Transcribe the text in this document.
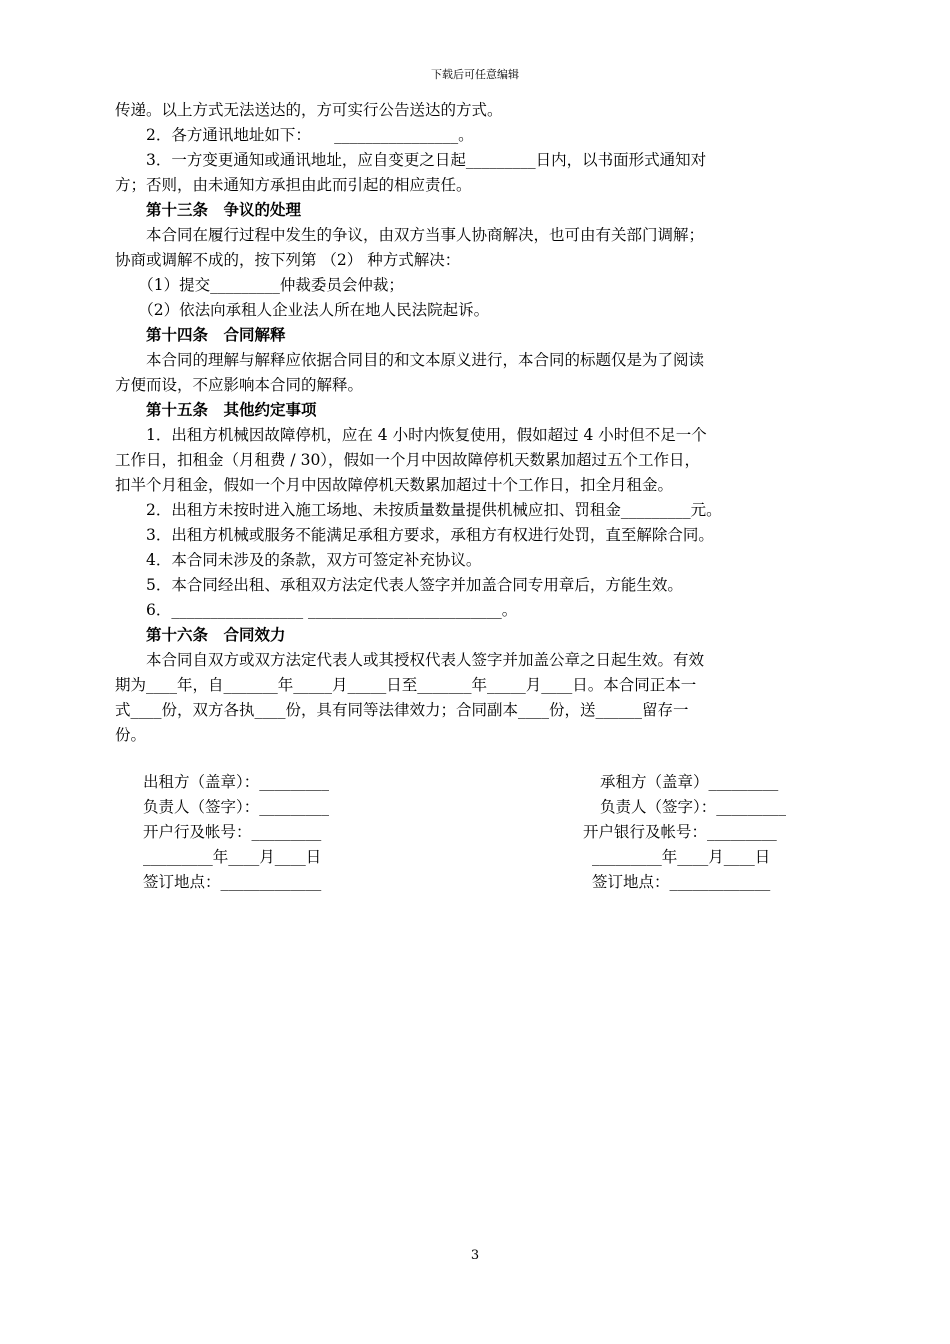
下载后可任意编辑
传递。以上方式无法送达的，方可实行公告送达的方式。
　　2．各方通讯地址如下：　　________________。
　　3．一方变更通知或通讯地址，应自变更之日起_________日内，以书面形式通知对
方；否则，由未通知方承担由此而引起的相应责任。
　　第十三条　争议的处理
　　本合同在履行过程中发生的争议，由双方当事人协商解决，也可由有关部门调解；
协商或调解不成的，按下列第 （2） 种方式解决：
　　（1）提交_________仲裁委员会仲裁；
　　（2）依法向承租人企业法人所在地人民法院起诉。
　　第十四条　合同解释
　　本合同的理解与解释应依据合同目的和文本原义进行，本合同的标题仅是为了阅读
方便而设，不应影响本合同的解释。
　　第十五条　其他约定事项
　　1．出租方机械因故障停机，应在 4 小时内恢复使用，假如超过 4 小时但不足一个
工作日，扣租金（月租费 / 30），假如一个月中因故障停机天数累加超过五个工作日，
扣半个月租金，假如一个月中因故障停机天数累加超过十个工作日，扣全月租金。
　　2．出租方未按时进入施工场地、未按质量数量提供机械应扣、罚租金_________元。
　　3．出租方机械或服务不能满足承租方要求，承租方有权进行处罚，直至解除合同。
　　4．本合同未涉及的条款，双方可签定补充协议。
　　5．本合同经出租、承租双方法定代表人签字并加盖合同专用章后，方能生效。
　　6．_________________ _________________________。
　　第十六条　合同效力
　　本合同自双方或双方法定代表人或其授权代表人签字并加盖公章之日起生效。有效
期为____年，自_______年_____月_____日至_______年_____月____日。本合同正本一
式____份，双方各执____份，具有同等法律效力；合同副本____份，送______留存一
份。
出租方（盖章）：_________
负责人（签字）：_________
开户行及帐号：_________
_________年____月____日
签订地点：_____________
承租方（盖章）_________
负责人（签字）：_________
开户银行及帐号：_________
_________年____月____日
签订地点：_____________
3
